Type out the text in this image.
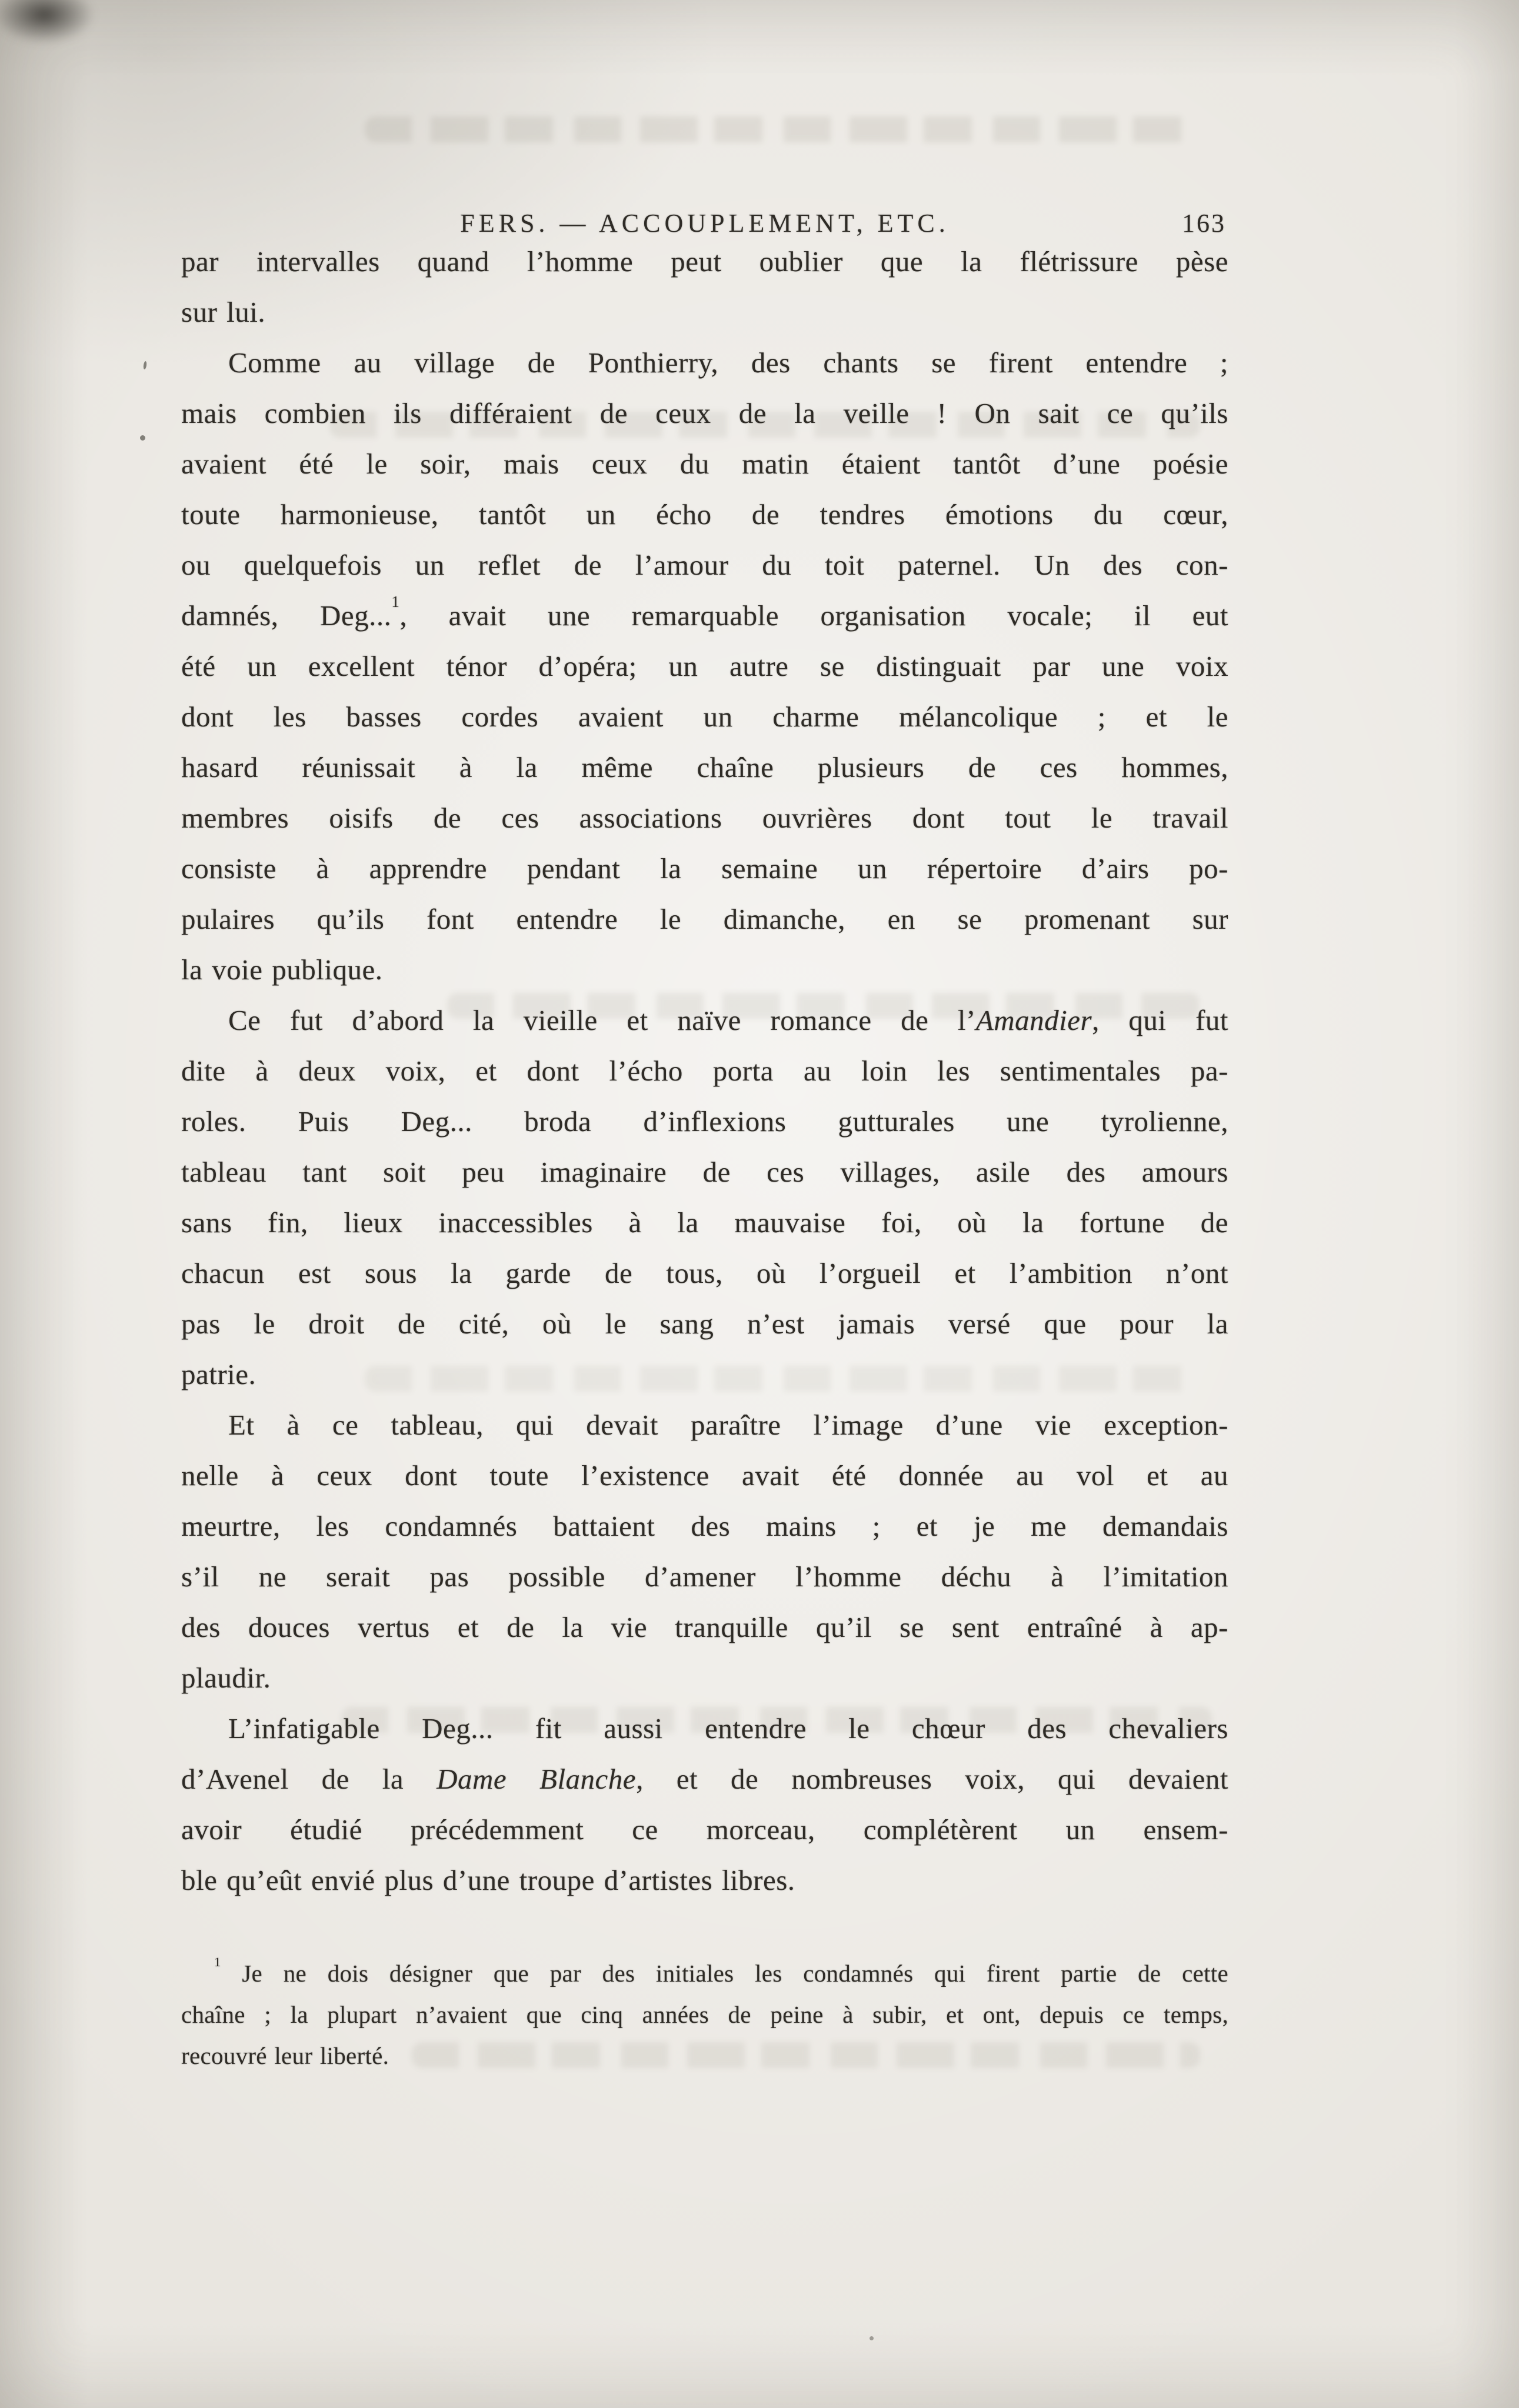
FERS. — ACCOUPLEMENT, ETC.	163
par intervalles quand l’homme peut oublier que la flétrissure pèse
sur lui.
Comme au village de Ponthierry, des chants se firent entendre ;
mais combien ils différaient de ceux de la veille ! On sait ce qu’ils
avaient été le soir, mais ceux du matin étaient tantôt d’une poésie
toute harmonieuse, tantôt un écho de tendres émotions du cœur,
ou quelquefois un reflet de l’amour du toit paternel. Un des con-
damnés, Deg...$^1$, avait une remarquable organisation vocale; il eut
été un excellent ténor d’opéra; un autre se distinguait par une voix
dont les basses cordes avaient un charme mélancolique ; et le
hasard réunissait à la même chaîne plusieurs de ces hommes,
membres oisifs de ces associations ouvrières dont tout le travail
consiste à apprendre pendant la semaine un répertoire d’airs po-
pulaires qu’ils font entendre le dimanche, en se promenant sur
la voie publique.
Ce fut d’abord la vieille et naïve romance de l’Amandier, qui fut
dite à deux voix, et dont l’écho porta au loin les sentimentales pa-
roles. Puis Deg... broda d’inflexions gutturales une tyrolienne,
tableau tant soit peu imaginaire de ces villages, asile des amours
sans fin, lieux inaccessibles à la mauvaise foi, où la fortune de
chacun est sous la garde de tous, où l’orgueil et l’ambition n’ont
pas le droit de cité, où le sang n’est jamais versé que pour la
patrie.
Et à ce tableau, qui devait paraître l’image d’une vie exception-
nelle à ceux dont toute l’existence avait été donnée au vol et au
meurtre, les condamnés battaient des mains ; et je me demandais
s’il ne serait pas possible d’amener l’homme déchu à l’imitation
des douces vertus et de la vie tranquille qu’il se sent entraîné à ap-
plaudir.
L’infatigable Deg... fit aussi entendre le chœur des chevaliers
d’Avenel de la Dame Blanche, et de nombreuses voix, qui devaient
avoir étudié précédemment ce morceau, complétèrent un ensem-
ble qu’eût envié plus d’une troupe d’artistes libres.
$^1$ Je ne dois désigner que par des initiales les condamnés qui firent partie de cette
chaîne ; la plupart n’avaient que cinq années de peine à subir, et ont, depuis ce temps,
recouvré leur liberté.
